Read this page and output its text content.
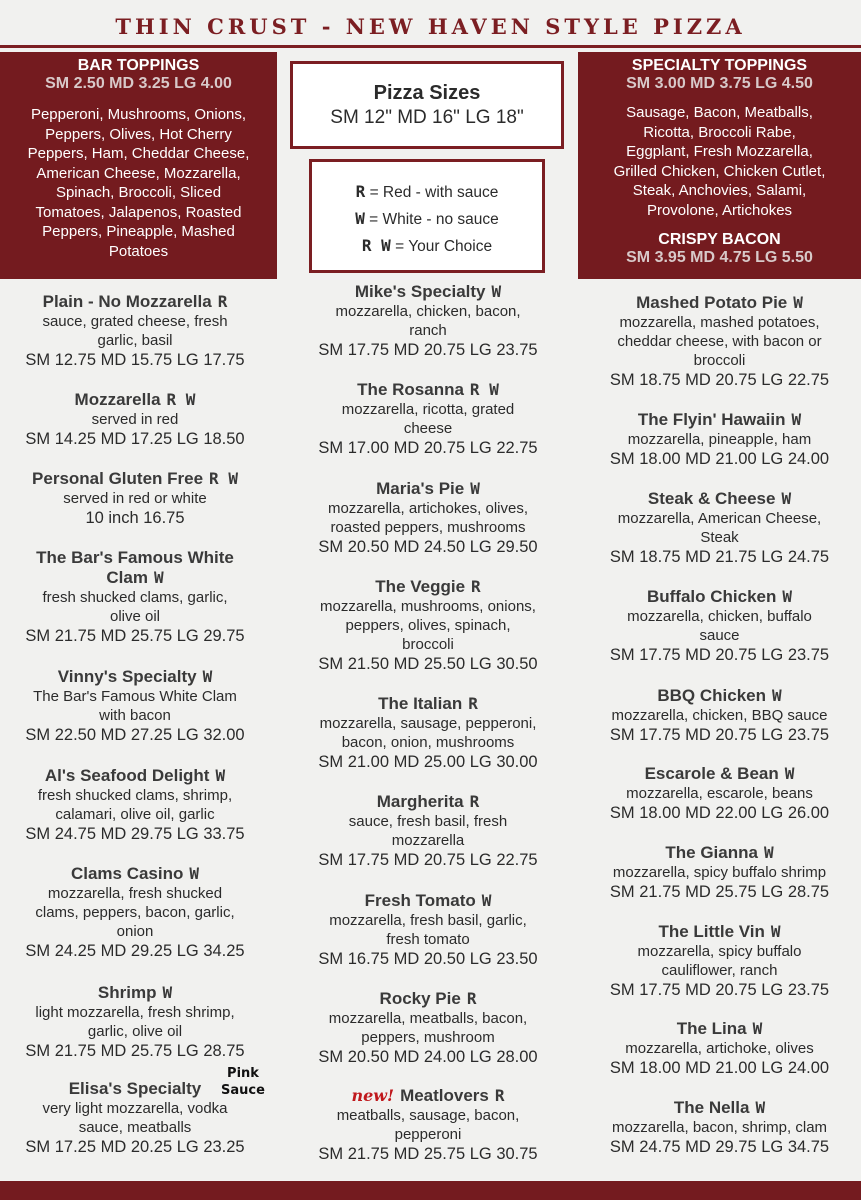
THIN CRUST - NEW HAVEN STYLE PIZZA
BAR TOPPINGS
SM 2.50 MD 3.25 LG 4.00
Pepperoni, Mushrooms, Onions,
Peppers, Olives, Hot Cherry
Peppers, Ham, Cheddar Cheese,
American Cheese, Mozzarella,
Spinach, Broccoli, Sliced
Tomatoes, Jalapenos, Roasted
Peppers, Pineapple, Mashed
Potatoes
Pizza Sizes
SM 12" MD 16" LG 18"
R = Red - with sauce
W = White - no sauce
R W = Your Choice
SPECIALTY TOPPINGS
SM 3.00 MD 3.75 LG 4.50
Sausage, Bacon, Meatballs,
Ricotta, Broccoli Rabe,
Eggplant, Fresh Mozzarella,
Grilled Chicken, Chicken Cutlet,
Steak, Anchovies, Salami,
Provolone, Artichokes
CRISPY BACON
SM 3.95 MD 4.75 LG 5.50
Plain - No Mozzarella R
sauce, grated cheese, fresh
garlic, basil
SM 12.75 MD 15.75 LG 17.75
Mozzarella R W
served in red
SM 14.25 MD 17.25 LG 18.50
Personal Gluten Free R W
served in red or white
10 inch 16.75
The Bar's Famous White
Clam W
fresh shucked clams, garlic,
olive oil
SM 21.75 MD 25.75 LG 29.75
Vinny's Specialty W
The Bar's Famous White Clam
with bacon
SM 22.50 MD 27.25 LG 32.00
Al's Seafood Delight W
fresh shucked clams, shrimp,
calamari, olive oil, garlic
SM 24.75 MD 29.75 LG 33.75
Clams Casino W
mozzarella, fresh shucked
clams, peppers, bacon, garlic,
onion
SM 24.25 MD 29.25 LG 34.25
Shrimp W
light mozzarella, fresh shrimp,
garlic, olive oil
SM 21.75 MD 25.75 LG 28.75
Elisa's Specialty
very light mozzarella, vodka
sauce, meatballs
SM 17.25 MD 20.25 LG 23.25
Mike's Specialty W
mozzarella, chicken, bacon,
ranch
SM 17.75 MD 20.75 LG 23.75
The Rosanna R W
mozzarella, ricotta, grated
cheese
SM 17.00 MD 20.75 LG 22.75
Maria's Pie W
mozzarella, artichokes, olives,
roasted peppers, mushrooms
SM 20.50 MD 24.50 LG 29.50
The Veggie R
mozzarella, mushrooms, onions,
peppers, olives, spinach,
broccoli
SM 21.50 MD 25.50 LG 30.50
The Italian R
mozzarella, sausage, pepperoni,
bacon, onion, mushrooms
SM 21.00 MD 25.00 LG 30.00
Margherita R
sauce, fresh basil, fresh
mozzarella
SM 17.75 MD 20.75 LG 22.75
Fresh Tomato W
mozzarella, fresh basil, garlic,
fresh tomato
SM 16.75 MD 20.50 LG 23.50
Rocky Pie R
mozzarella, meatballs, bacon,
peppers, mushroom
SM 20.50 MD 24.00 LG 28.00
new! Meatlovers R
meatballs, sausage, bacon,
pepperoni
SM 21.75 MD 25.75 LG 30.75
Mashed Potato Pie W
mozzarella, mashed potatoes,
cheddar cheese, with bacon or
broccoli
SM 18.75 MD 20.75 LG 22.75
The Flyin' Hawaiin W
mozzarella, pineapple, ham
SM 18.00 MD 21.00 LG 24.00
Steak & Cheese W
mozzarella, American Cheese,
Steak
SM 18.75 MD 21.75 LG 24.75
Buffalo Chicken W
mozzarella, chicken, buffalo
sauce
SM 17.75 MD 20.75 LG 23.75
BBQ Chicken W
mozzarella, chicken, BBQ sauce
SM 17.75 MD 20.75 LG 23.75
Escarole & Bean W
mozzarella, escarole, beans
SM 18.00 MD 22.00 LG 26.00
The Gianna W
mozzarella, spicy buffalo shrimp
SM 21.75 MD 25.75 LG 28.75
The Little Vin W
mozzarella, spicy buffalo
cauliflower, ranch
SM 17.75 MD 20.75 LG 23.75
The Lina W
mozzarella, artichoke, olives
SM 18.00 MD 21.00 LG 24.00
The Nella W
mozzarella, bacon, shrimp, clam
SM 24.75 MD 29.75 LG 34.75
Pink
Sauce
